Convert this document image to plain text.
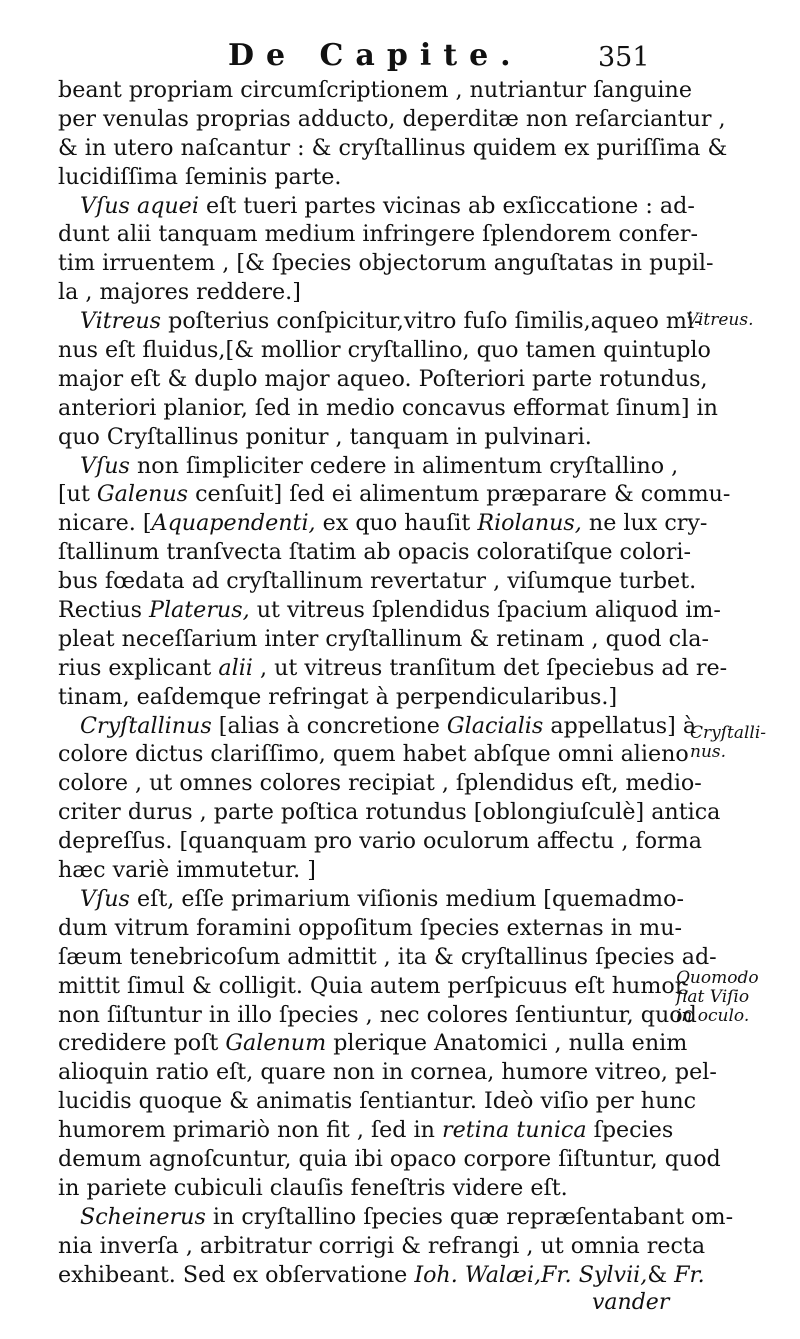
De Capite.	351
beant propriam circumſcriptionem , nutriantur ſanguine
per venulas proprias adducto, deperditæ non reſarciantur ,
& in utero naſcantur : & cryſtallinus quidem ex puriſſima &
lucidiſſima ſeminis parte.
Vſus aquei eſt tueri partes vicinas ab exſiccatione : ad-
dunt alii tanquam medium infringere ſplendorem confer-
tim irruentem , [& ſpecies objectorum anguſtatas in pupil-
la , majores reddere.]
Vitreus poſterius conſpicitur,vitro fuſo ſimilis,aqueo mi-
nus eſt fluidus,[& mollior cryſtallino, quo tamen quintuplo
major eſt & duplo major aqueo. Poſteriori parte rotundus,
anteriori planior, ſed in medio concavus efformat ſinum] in
quo Cryſtallinus ponitur , tanquam in pulvinari.
Vſus non ſimpliciter cedere in alimentum cryſtallino ,
[ut Galenus cenſuit] ſed ei alimentum præparare & commu-
nicare. [Aquapendenti, ex quo hauſit Riolanus, ne lux cry-
ſtallinum tranſvecta ſtatim ab opacis coloratiſque colori-
bus fœdata ad cryſtallinum revertatur , viſumque turbet.
Rectius Platerus, ut vitreus ſplendidus ſpacium aliquod im-
pleat neceſſarium inter cryſtallinum & retinam , quod cla-
rius explicant alii , ut vitreus tranſitum det ſpeciebus ad re-
tinam, eaſdemque refringat à perpendicularibus.]
Cryſtallinus [alias à concretione Glacialis appellatus] à
colore dictus clariſſimo, quem habet abſque omni alieno
colore , ut omnes colores recipiat , ſplendidus eſt, medio-
criter durus , parte poſtica rotundus [oblongiuſculè] antica
depreſſus. [quanquam pro vario oculorum affectu , forma
hæc variè immutetur. ]
Vſus eſt, eſſe primarium viſionis medium [quemadmo-
dum vitrum foramini oppoſitum ſpecies externas in mu-
ſæum tenebricoſum admittit , ita & cryſtallinus ſpecies ad-
mittit ſimul & colligit. Quia autem perſpicuus eſt humor,
non ſiſtuntur in illo ſpecies , nec colores ſentiuntur, quod
credidere poſt Galenum plerique Anatomici , nulla enim
alioquin ratio eſt, quare non in cornea, humore vitreo, pel-
lucidis quoque & animatis ſentiantur. Ideò viſio per hunc
humorem primariò non fit , ſed in retina tunica ſpecies
demum agnoſcuntur, quia ibi opaco corpore ſiſtuntur, quod
in pariete cubiculi clauſis feneſtris videre eſt.
Scheinerus in cryſtallino ſpecies quæ repræſentabant om-
nia inverſa , arbitratur corrigi & refrangi , ut omnia recta
exhibeant. Sed ex obſervatione Ioh. Walæi,Fr. Sylvii,& Fr.
vander
Vitreus.
Cryſtalli-
nus.
Quomodo
fiat Viſio
in oculo.
